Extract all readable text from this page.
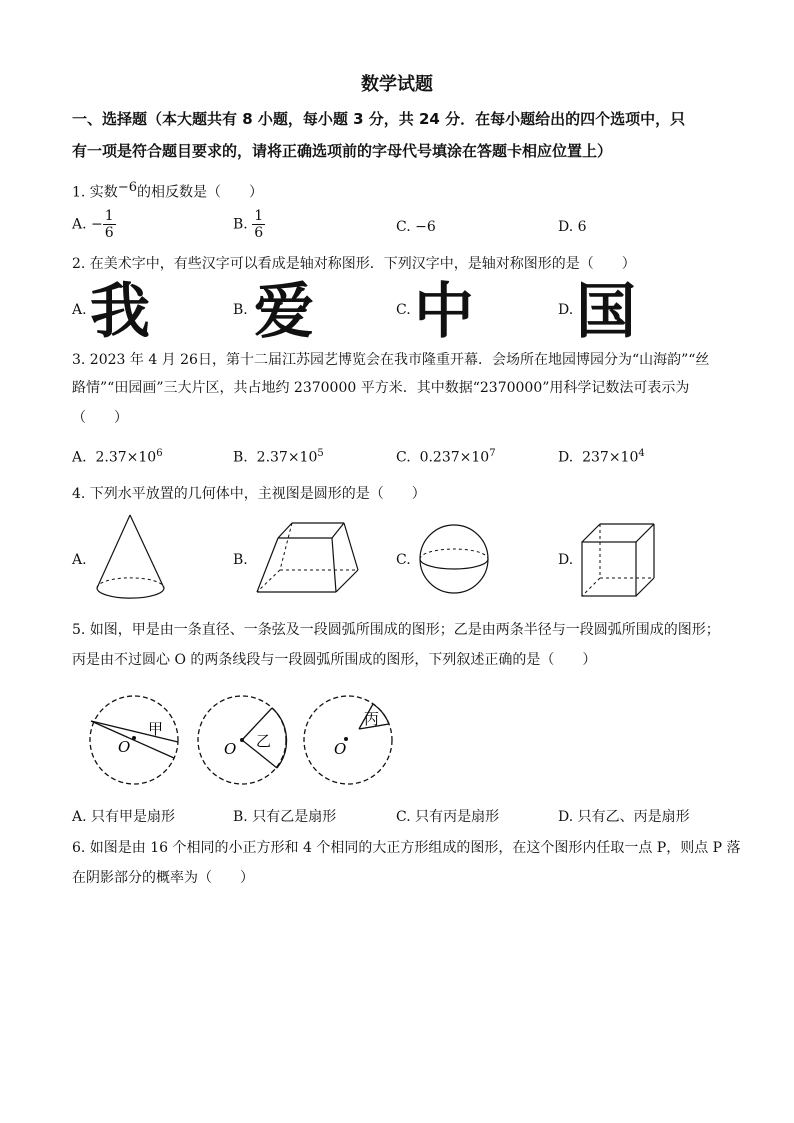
数学试题
一、选择题（本大题共有 8 小题，每小题 3 分，共 24 分．在每小题给出的四个选项中，只
有一项是符合题目要求的，请将正确选项前的字母代号填涂在答题卡相应位置上）
1. 实数$^{-6}$的相反数是（　　）
A. − $\frac{1}{6}$	B. $\frac{1}{6}$	C. −6	D. 6
2. 在美术字中，有些汉字可以看成是轴对称图形．下列汉字中，是轴对称图形的是（　　）
A. 我	B. 爱	C. 中	D. 国
3. 2023 年 4 月 26日，第十二届江苏园艺博览会在我市隆重开幕．会场所在地园博园分为“山海韵”“丝
路情”“田园画”三大片区，共占地约 2370000 平方米．其中数据“2370000”用科学记数法可表示为
（　　）
A. $2.37\times 10^6$	B. $2.37\times 10^5$	C. $0.237\times 10^7$	D. $237\times 10^4$
4. 下列水平放置的几何体中，主视图是圆形的是（　　）
A.	B.	C.	D.
5. 如图，甲是由一条直径、一条弦及一段圆弧所围成的图形；乙是由两条半径与一段圆弧所围成的图形；
丙是由不过圆心 O 的两条线段与一段圆弧所围成的图形，下列叙述正确的是（　　）
甲
O	乙
O
丙
O
A. 只有甲是扇形	B. 只有乙是扇形	C. 只有丙是扇形	D. 只有乙、丙是扇形
6. 如图是由 16 个相同的小正方形和 4 个相同的大正方形组成的图形，在这个图形内任取一点 P，则点 P 落
在阴影部分的概率为（　　）
